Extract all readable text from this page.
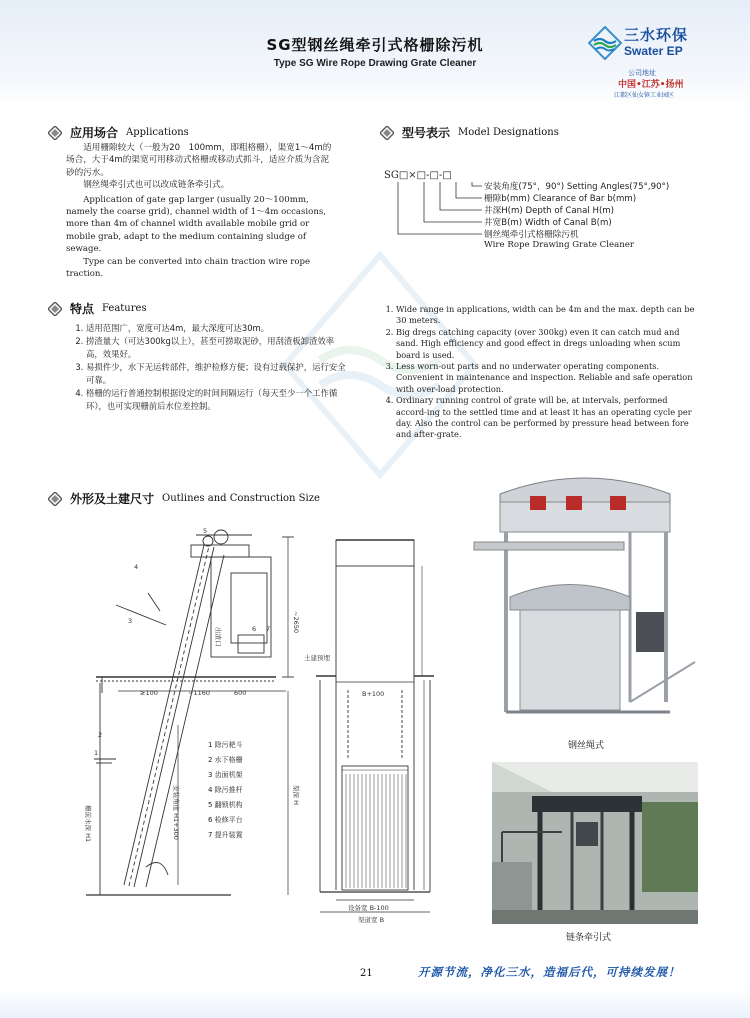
SG型钢丝绳牵引式格栅除污机
Type SG Wire Rope Drawing Grate Cleaner
三水环保
Swater EP
公司地址
中国•江苏•扬州
江都区仙女镇工业园区
应用场合 Applications

适用栅隙较大（一般为20　100mm，即粗格栅），渠宽1～4m的场合，大于4m的渠宽可用移动式格栅或移动式抓斗，适应介质为含泥砂的污水。

钢丝绳牵引式也可以改成链条牵引式。

Application of gate gap larger (usually 20～100mm, namely the coarse grid), channel width of 1～4m occasions, more than 4m of channel width available mobile grid or mobile grab, adapt to the medium containing sludge of sewage.

Type can be converted into chain traction wire rope traction.

型号表示 Model Designations
SG□×□-□-□
安装角度(75°，90°) Setting Angles(75°,90°)
栅隙b(mm) Clearance of Bar b(mm)
井深H(m) Depth of Canal H(m)
井宽B(m) Width of Canal B(m)
钢丝绳牵引式格栅除污机
Wire Rope Drawing Grate Cleaner
特点 Features
1. 适用范围广，宽度可达4m，最大深度可达30m。
2. 捞渣量大（可达300kg以上），甚至可捞取泥砂，用刮渣板卸渣效率高，效果好。
3. 易损件少，水下无运转部件，维护检修方便；设有过载保护，运行安全可靠。
4. 格栅的运行普通控制根据设定的时间间隔运行（每天至少一个工作循环），也可实现栅前后水位差控制。
1. Wide range in applications, width can be 4m and the max. depth can be 30 meters.
2. Big dregs catching capacity (over 300kg) even it can catch mud and sand. High efficiency and good effect in dregs unloading when scum board is used.
3. Less worn-out parts and no underwater operating components. Convenient in maintenance and inspection. Reliable and safe operation with over-load protection.
4. Ordinary running control of grate will be, at intervals, performed accord-ing to the settled time and at least it has an operating cycle per day. Also the control can be performed by pressure head between fore and after-grate.
外形及土建尺寸 Outlines and Construction Size
≥100	~1160	600
~2650
渠深 H
栅前水深 H1	安装角度 H1+300
出渣口
5
4
3
2
1
6 7
1 除污耙斗
2 水下格栅
3 齿面机架
4 除污推杆
5 翻锁机构
6 检修平台
7 提升装置
土建预埋
B+100
设备宽 B-100
渠道宽 B
钢丝绳式
链条牵引式
21	开源节流，净化三水，造福后代，可持续发展！
